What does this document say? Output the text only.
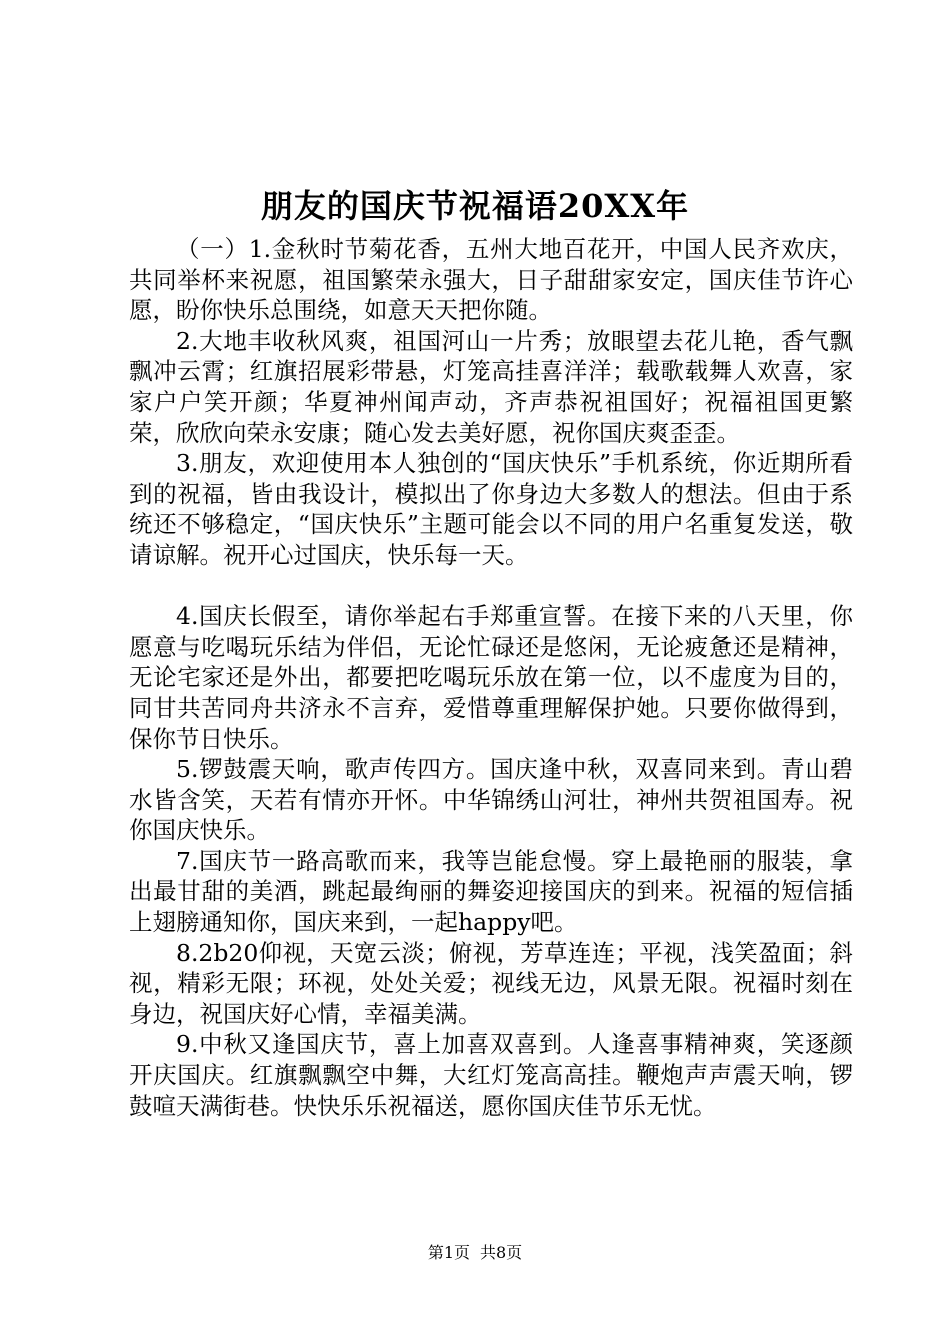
朋友的国庆节祝福语20XX年

（一）1.金秋时节菊花香，五州大地百花开，中国人民齐欢庆，共同举杯来祝愿，祖国繁荣永强大，日子甜甜家安定，国庆佳节许心愿，盼你快乐总围绕，如意天天把你随。

2.大地丰收秋风爽，祖国河山一片秀；放眼望去花儿艳，香气飘飘冲云霄；红旗招展彩带悬，灯笼高挂喜洋洋；载歌载舞人欢喜，家家户户笑开颜；华夏神州闻声动，齐声恭祝祖国好；祝福祖国更繁荣，欣欣向荣永安康；随心发去美好愿，祝你国庆爽歪歪。

3.朋友，欢迎使用本人独创的“国庆快乐”手机系统，你近期所看到的祝福，皆由我设计，模拟出了你身边大多数人的想法。但由于系统还不够稳定，“国庆快乐”主题可能会以不同的用户名重复发送，敬请谅解。祝开心过国庆，快乐每一天。

4.国庆长假至，请你举起右手郑重宣誓。在接下来的八天里，你愿意与吃喝玩乐结为伴侣，无论忙碌还是悠闲，无论疲惫还是精神，无论宅家还是外出，都要把吃喝玩乐放在第一位，以不虚度为目的，同甘共苦同舟共济永不言弃，爱惜尊重理解保护她。只要你做得到，保你节日快乐。

5.锣鼓震天响，歌声传四方。国庆逢中秋，双喜同来到。青山碧水皆含笑，天若有情亦开怀。中华锦绣山河壮，神州共贺祖国寿。祝你国庆快乐。

7.国庆节一路高歌而来，我等岂能怠慢。穿上最艳丽的服装，拿出最甘甜的美酒，跳起最绚丽的舞姿迎接国庆的到来。祝福的短信插上翅膀通知你，国庆来到，一起happy吧。

8.2b20仰视，天宽云淡；俯视，芳草连连；平视，浅笑盈面；斜视，精彩无限；环视，处处关爱；视线无边，风景无限。祝福时刻在身边，祝国庆好心情，幸福美满。

9.中秋又逢国庆节，喜上加喜双喜到。人逢喜事精神爽，笑逐颜开庆国庆。红旗飘飘空中舞，大红灯笼高高挂。鞭炮声声震天响，锣鼓喧天满街巷。快快乐乐祝福送，愿你国庆佳节乐无忧。

第1页 共8页
